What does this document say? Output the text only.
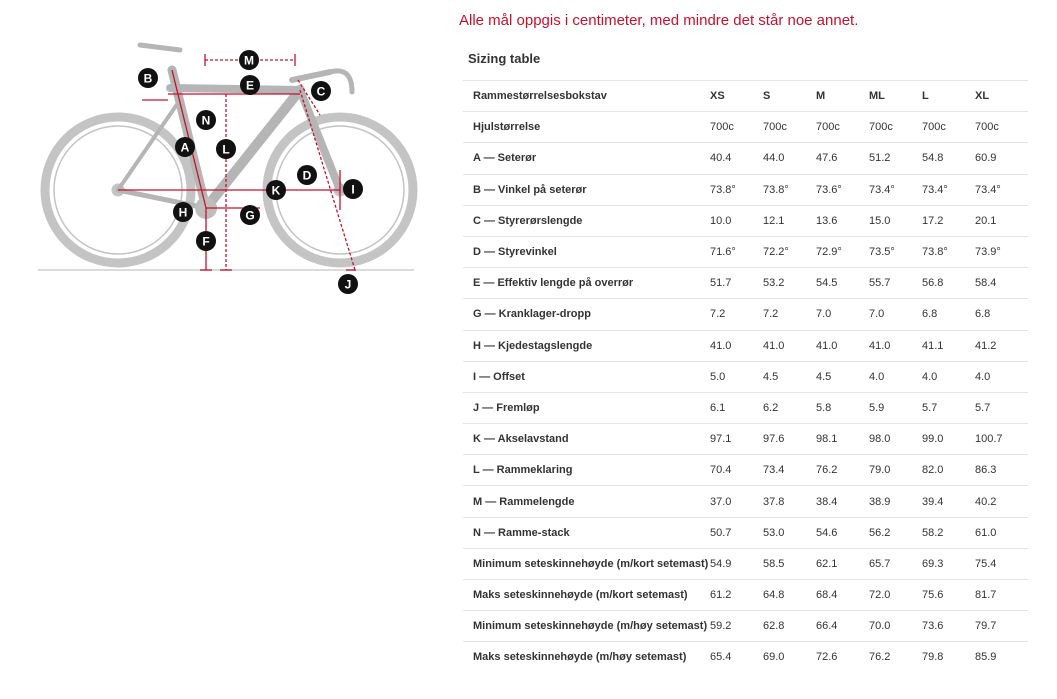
M
B	E	C
N
A	L
D
K	I
H	G
F
J
Alle mål oppgis i centimeter, med mindre det står noe annet.
Sizing table
Rammestørrelsesbokstav	XS	S	M	ML	L	XL
Hjulstørrelse	700c	700c	700c	700c	700c	700c
A — Seterør	40.4	44.0	47.6	51.2	54.8	60.9
B — Vinkel på seterør	73.8°	73.8°	73.6°	73.4°	73.4°	73.4°
C — Styrerørslengde	10.0	12.1	13.6	15.0	17.2	20.1
D — Styrevinkel	71.6°	72.2°	72.9°	73.5°	73.8°	73.9°
E — Effektiv lengde på overrør	51.7	53.2	54.5	55.7	56.8	58.4
G — Kranklager-dropp	7.2	7.2	7.0	7.0	6.8	6.8
H — Kjedestagslengde	41.0	41.0	41.0	41.0	41.1	41.2
I — Offset	5.0	4.5	4.5	4.0	4.0	4.0
J — Fremløp	6.1	6.2	5.8	5.9	5.7	5.7
K — Akselavstand	97.1	97.6	98.1	98.0	99.0	100.7
L — Rammeklaring	70.4	73.4	76.2	79.0	82.0	86.3
M — Rammelengde	37.0	37.8	38.4	38.9	39.4	40.2
N — Ramme-stack	50.7	53.0	54.6	56.2	58.2	61.0
Minimum seteskinnehøyde (m/kort setemast)	54.9	58.5	62.1	65.7	69.3	75.4
Maks seteskinnehøyde (m/kort setemast)	61.2	64.8	68.4	72.0	75.6	81.7
Minimum seteskinnehøyde (m/høy setemast)	59.2	62.8	66.4	70.0	73.6	79.7
Maks seteskinnehøyde (m/høy setemast)	65.4	69.0	72.6	76.2	79.8	85.9
